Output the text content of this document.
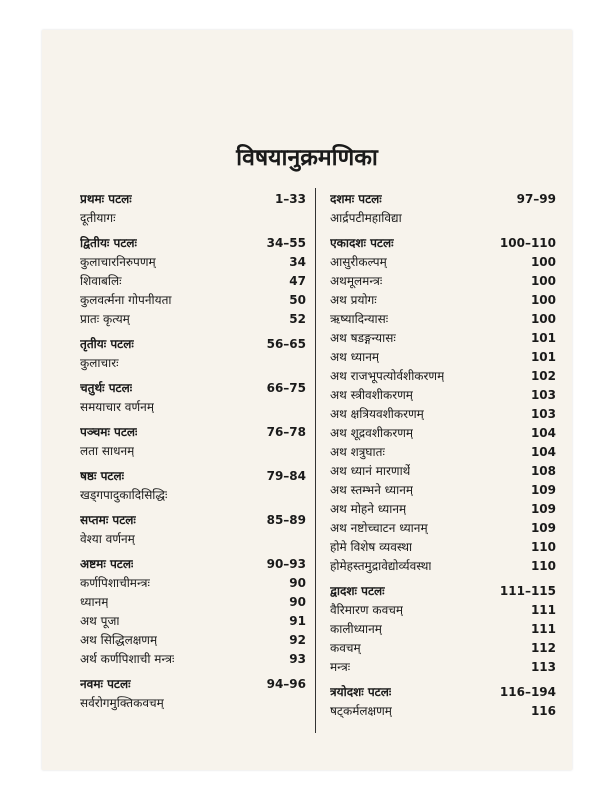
विषयानुक्रमणिका
प्रथमः पटलः	1–33
दूतीयागः
द्वितीयः पटलः	34–55
कुलाचारनिरुपणम्	34
शिवाबलिः	47
कुलवर्त्मना गोपनीयता	50
प्रातः कृत्यम्	52
तृतीयः पटलः	56–65
कुलाचारः
चतुर्थः पटलः	66–75
समयाचार वर्णनम्
पञ्चमः पटलः	76–78
लता साधनम्
षष्ठः पटलः	79–84
खड्गपादुकादिसिद्धिः
सप्तमः पटलः	85–89
वेश्या वर्णनम्
अष्टमः पटलः	90–93
कर्णपिशाचीमन्त्रः	90
ध्यानम्	90
अथ पूजा	91
अथ सिद्धिलक्षणम्	92
अर्थ कर्णपिशाची मन्त्रः	93
नवमः पटलः	94–96
सर्वरोगमुक्तिकवचम्
दशमः पटलः	97–99
आर्द्रपटीमहाविद्या
एकादशः पटलः	100–110
आसुरीकल्पम्	100
अथमूलमन्त्रः	100
अथ प्रयोगः	100
ऋष्यादिन्यासः	100
अथ षडङ्गन्यासः	101
अथ ध्यानम्	101
अथ राजभूपत्योर्वशीकरणम्	102
अथ स्त्रीवशीकरणम्	103
अथ क्षत्रियवशीकरणम्	103
अथ शूद्रवशीकरणम्	104
अथ शत्रुघातः	104
अथ ध्यानं मारणार्थे	108
अथ स्तम्भने ध्यानम्	109
अथ मोहने ध्यानम्	109
अथ नष्टोच्चाटन ध्यानम्	109
होमे विशेष व्यवस्था	110
होमेहस्तमुद्रावेद्योर्व्यवस्था	110
द्वादशः पटलः	111–115
वैरिमारण कवचम्	111
कालीध्यानम्	111
कवचम्	112
मन्त्रः	113
त्रयोदशः पटलः	116–194
षट्कर्मलक्षणम्	116
